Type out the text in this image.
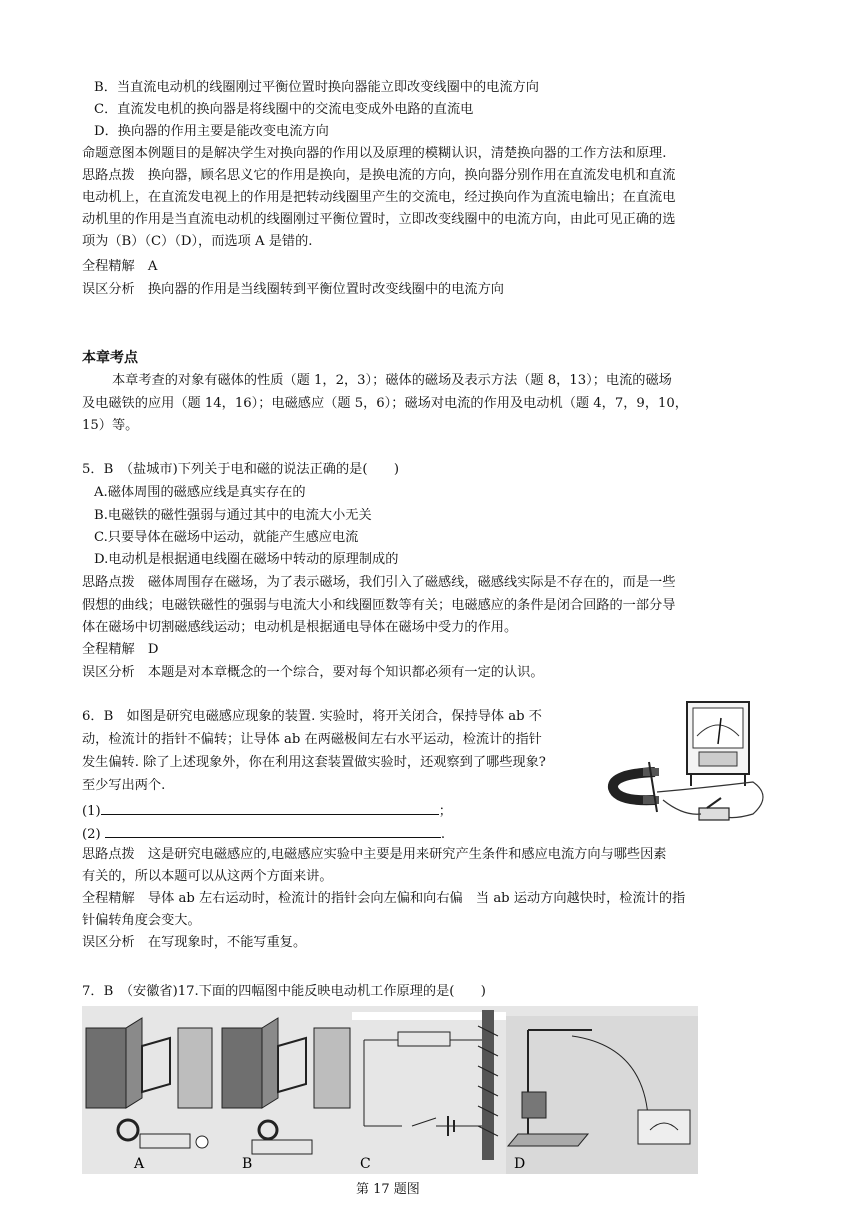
B．当直流电动机的线圈刚过平衡位置时换向器能立即改变线圈中的电流方向
C．直流发电机的换向器是将线圈中的交流电变成外电路的直流电
D．换向器的作用主要是能改变电流方向
命题意图本例题目的是解决学生对换向器的作用以及原理的模糊认识，清楚换向器的工作方法和原理.
思路点拨　换向器，顾名思义它的作用是换向，是换电流的方向，换向器分别作用在直流发电机和直流
电动机上，在直流发电视上的作用是把转动线圈里产生的交流电，经过换向作为直流电输出；在直流电
动机里的作用是当直流电动机的线圈刚过平衡位置时，立即改变线圈中的电流方向，由此可见正确的选
项为（B）（C）（D），而选项 A 是错的.
全程精解　A
误区分析　换向器的作用是当线圈转到平衡位置时改变线圈中的电流方向
本章考点
本章考查的对象有磁体的性质（题 1，2，3）；磁体的磁场及表示方法（题 8，13）；电流的磁场
及电磁铁的应用（题 14，16）；电磁感应（题 5，6）；磁场对电流的作用及电动机（题 4，7，9，10，
15）等。
5．B　（盐城市)下列关于电和磁的说法正确的是(　　)
A.磁体周围的磁感应线是真实存在的
B.电磁铁的磁性强弱与通过其中的电流大小无关
C.只要导体在磁场中运动，就能产生感应电流
D.电动机是根据通电线圈在磁场中转动的原理制成的
思路点拨　磁体周围存在磁场，为了表示磁场，我们引入了磁感线，磁感线实际是不存在的，而是一些
假想的曲线；电磁铁磁性的强弱与电流大小和线圈匝数等有关；电磁感应的条件是闭合回路的一部分导
体在磁场中切割磁感线运动；电动机是根据通电导体在磁场中受力的作用。
全程精解　D
误区分析　本题是对本章概念的一个综合，要对每个知识都必须有一定的认识。
6．B　如图是研究电磁感应现象的装置. 实验时，将开关闭合，保持导体 ab 不
动，检流计的指针不偏转；让导体 ab 在两磁极间左右水平运动，检流计的指针
发生偏转. 除了上述现象外，你在利用这套装置做实验时，还观察到了哪些现象?
至少写出两个.
(1)	；
(2)	.
思路点拨　这是研究电磁感应的,电磁感应实验中主要是用来研究产生条件和感应电流方向与哪些因素
有关的，所以本题可以从这两个方面来讲。
全程精解　导体 ab 左右运动时，检流计的指针会向左偏和向右偏　当 ab 运动方向越快时，检流计的指
针偏转角度会变大。
误区分析　在写现象时，不能写重复。
7．B　（安徽省)17.下面的四幅图中能反映电动机工作原理的是(　　)
A	B	C	D
第 17 题图
